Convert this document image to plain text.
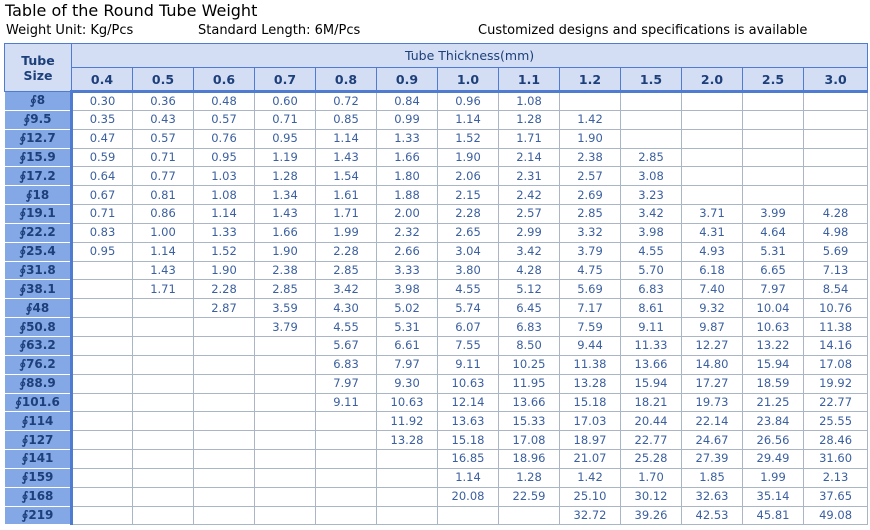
Table of the Round Tube Weight
Weight Unit: Kg/Pcs	Standard Length: 6M/Pcs	Customized designs and specifications is available
Tube
Size	Tube Thickness(mm)												
	0.4	0.5	0.6	0.7	0.8	0.9	1.0	1.1	1.2	1.5	2.0	2.5	3.0
∮8	0.30	0.36	0.48	0.60	0.72	0.84	0.96	1.08					
∮9.5	0.35	0.43	0.57	0.71	0.85	0.99	1.14	1.28	1.42				
∮12.7	0.47	0.57	0.76	0.95	1.14	1.33	1.52	1.71	1.90				
∮15.9	0.59	0.71	0.95	1.19	1.43	1.66	1.90	2.14	2.38	2.85			
∮17.2	0.64	0.77	1.03	1.28	1.54	1.80	2.06	2.31	2.57	3.08			
∮18	0.67	0.81	1.08	1.34	1.61	1.88	2.15	2.42	2.69	3.23			
∮19.1	0.71	0.86	1.14	1.43	1.71	2.00	2.28	2.57	2.85	3.42	3.71	3.99	4.28
∮22.2	0.83	1.00	1.33	1.66	1.99	2.32	2.65	2.99	3.32	3.98	4.31	4.64	4.98
∮25.4	0.95	1.14	1.52	1.90	2.28	2.66	3.04	3.42	3.79	4.55	4.93	5.31	5.69
∮31.8		1.43	1.90	2.38	2.85	3.33	3.80	4.28	4.75	5.70	6.18	6.65	7.13
∮38.1		1.71	2.28	2.85	3.42	3.98	4.55	5.12	5.69	6.83	7.40	7.97	8.54
∮48			2.87	3.59	4.30	5.02	5.74	6.45	7.17	8.61	9.32	10.04	10.76
∮50.8				3.79	4.55	5.31	6.07	6.83	7.59	9.11	9.87	10.63	11.38
∮63.2					5.67	6.61	7.55	8.50	9.44	11.33	12.27	13.22	14.16
∮76.2					6.83	7.97	9.11	10.25	11.38	13.66	14.80	15.94	17.08
∮88.9					7.97	9.30	10.63	11.95	13.28	15.94	17.27	18.59	19.92
∮101.6					9.11	10.63	12.14	13.66	15.18	18.21	19.73	21.25	22.77
∮114						11.92	13.63	15.33	17.03	20.44	22.14	23.84	25.55
∮127						13.28	15.18	17.08	18.97	22.77	24.67	26.56	28.46
∮141							16.85	18.96	21.07	25.28	27.39	29.49	31.60
∮159							1.14	1.28	1.42	1.70	1.85	1.99	2.13
∮168							20.08	22.59	25.10	30.12	32.63	35.14	37.65
∮219									32.72	39.26	42.53	45.81	49.08
